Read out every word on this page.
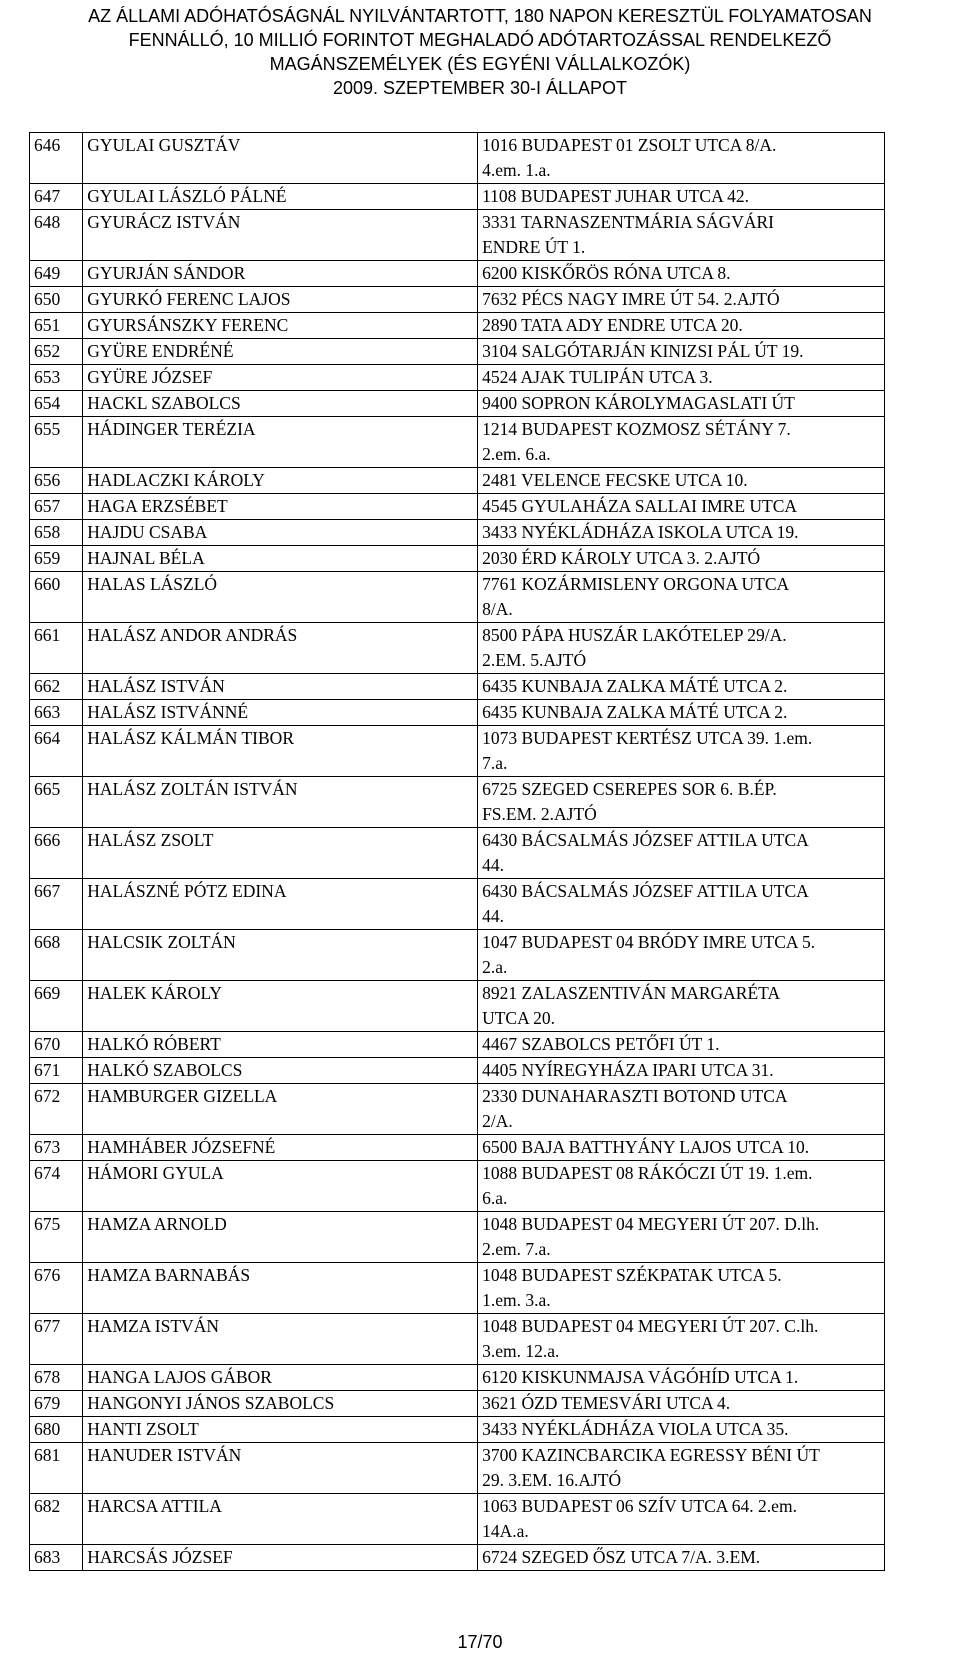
AZ ÁLLAMI ADÓHATÓSÁGNÁL NYILVÁNTARTOTT, 180 NAPON KERESZTÜL FOLYAMATOSAN
FENNÁLLÓ, 10 MILLIÓ FORINTOT MEGHALADÓ ADÓTARTOZÁSSAL RENDELKEZŐ
MAGÁNSZEMÉLYEK (ÉS EGYÉNI VÁLLALKOZÓK)
2009. SZEPTEMBER 30-I ÁLLAPOT
646	GYULAI GUSZTÁV	1016 BUDAPEST 01 ZSOLT UTCA 8/A.
4.em. 1.a.
647	GYULAI LÁSZLÓ PÁLNÉ	1108 BUDAPEST JUHAR UTCA 42.
648	GYURÁCZ ISTVÁN	3331 TARNASZENTMÁRIA SÁGVÁRI
ENDRE ÚT 1.
649	GYURJÁN SÁNDOR	6200 KISKŐRÖS RÓNA UTCA 8.
650	GYURKÓ FERENC LAJOS	7632 PÉCS NAGY IMRE ÚT 54. 2.AJTÓ
651	GYURSÁNSZKY FERENC	2890 TATA ADY ENDRE UTCA 20.
652	GYÜRE ENDRÉNÉ	3104 SALGÓTARJÁN KINIZSI PÁL ÚT 19.
653	GYÜRE JÓZSEF	4524 AJAK TULIPÁN UTCA 3.
654	HACKL SZABOLCS	9400 SOPRON KÁROLYMAGASLATI ÚT

655	HÁDINGER TERÉZIA	1214 BUDAPEST KOZMOSZ SÉTÁNY 7.
2.em. 6.a.
656	HADLACZKI KÁROLY	2481 VELENCE FECSKE UTCA 10.
657	HAGA ERZSÉBET	4545 GYULAHÁZA SALLAI IMRE UTCA

658	HAJDU CSABA	3433 NYÉKLÁDHÁZA ISKOLA UTCA 19.
659	HAJNAL BÉLA	2030 ÉRD KÁROLY UTCA 3. 2.AJTÓ
660	HALAS LÁSZLÓ	7761 KOZÁRMISLENY ORGONA UTCA
8/A.
661	HALÁSZ ANDOR ANDRÁS	8500 PÁPA HUSZÁR LAKÓTELEP 29/A.
2.EM. 5.AJTÓ
662	HALÁSZ ISTVÁN	6435 KUNBAJA ZALKA MÁTÉ UTCA 2.
663	HALÁSZ ISTVÁNNÉ	6435 KUNBAJA ZALKA MÁTÉ UTCA 2.
664	HALÁSZ KÁLMÁN TIBOR	1073 BUDAPEST KERTÉSZ UTCA 39. 1.em.
7.a.
665	HALÁSZ ZOLTÁN ISTVÁN	6725 SZEGED CSEREPES SOR 6. B.ÉP.
FS.EM. 2.AJTÓ
666	HALÁSZ ZSOLT	6430 BÁCSALMÁS JÓZSEF ATTILA UTCA
44.
667	HALÁSZNÉ PÓTZ EDINA	6430 BÁCSALMÁS JÓZSEF ATTILA UTCA
44.
668	HALCSIK ZOLTÁN	1047 BUDAPEST 04 BRÓDY IMRE UTCA 5.
2.a.
669	HALEK KÁROLY	8921 ZALASZENTIVÁN MARGARÉTA
UTCA 20.
670	HALKÓ RÓBERT	4467 SZABOLCS PETŐFI ÚT 1.
671	HALKÓ SZABOLCS	4405 NYÍREGYHÁZA IPARI UTCA 31.
672	HAMBURGER GIZELLA	2330 DUNAHARASZTI BOTOND UTCA
2/A.
673	HAMHÁBER JÓZSEFNÉ	6500 BAJA BATTHYÁNY LAJOS UTCA 10.

674	HÁMORI GYULA	1088 BUDAPEST 08 RÁKÓCZI ÚT 19. 1.em.
6.a.
675	HAMZA ARNOLD	1048 BUDAPEST 04 MEGYERI ÚT 207. D.lh.
2.em. 7.a.
676	HAMZA BARNABÁS	1048 BUDAPEST SZÉKPATAK UTCA 5.
1.em. 3.a.
677	HAMZA ISTVÁN	1048 BUDAPEST 04 MEGYERI ÚT 207. C.lh.
3.em. 12.a.
678	HANGA LAJOS GÁBOR	6120 KISKUNMAJSA VÁGÓHÍD UTCA 1.
679	HANGONYI JÁNOS SZABOLCS	3621 ÓZD TEMESVÁRI UTCA 4.
680	HANTI ZSOLT	3433 NYÉKLÁDHÁZA VIOLA UTCA 35.
681	HANUDER ISTVÁN	3700 KAZINCBARCIKA EGRESSY BÉNI ÚT
29. 3.EM. 16.AJTÓ
682	HARCSA ATTILA	1063 BUDAPEST 06 SZÍV UTCA 64. 2.em.
14A.a.
683	HARCSÁS JÓZSEF	6724 SZEGED ŐSZ UTCA 7/A. 3.EM.
17/70
